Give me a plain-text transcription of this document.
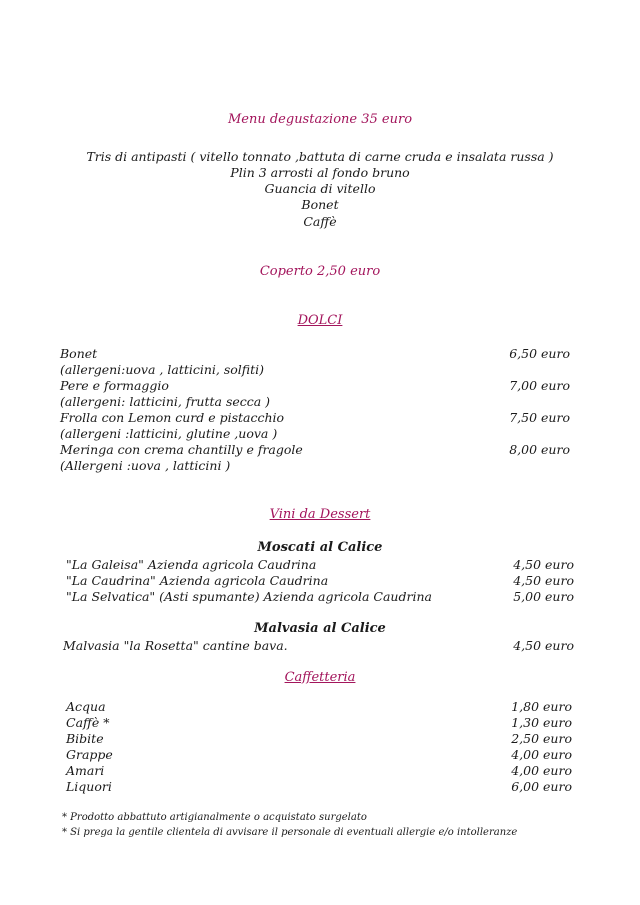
Menu degustazione 35 euro
Tris di antipasti ( vitello tonnato ,battuta di carne cruda e insalata russa )
Plin 3 arrosti al fondo bruno
Guancia di vitello
Bonet
Caffè
Coperto 2,50 euro
DOLCI
Bonet	6,50 euro
(allergeni:uova , latticini, solfiti)
Pere e formaggio	7,00 euro
(allergeni: latticini, frutta secca )
Frolla con Lemon curd e pistacchio	7,50 euro
(allergeni :latticini, glutine ,uova )
Meringa con crema chantilly e fragole	8,00 euro
(Allergeni :uova , latticini )
Vini da Dessert
Moscati al Calice
"La Galeisa" Azienda agricola Caudrina	4,50 euro
"La Caudrina" Azienda agricola Caudrina	4,50 euro
"La Selvatica" (Asti spumante) Azienda agricola Caudrina	5,00 euro
Malvasia al Calice
Malvasia "la Rosetta" cantine bava.	4,50 euro
Caffetteria
Acqua	1,80 euro
Caffè *	1,30 euro
Bibite	2,50 euro
Grappe	4,00 euro
Amari	4,00 euro
Liquori	6,00 euro
* Prodotto abbattuto artigianalmente o acquistato surgelato
* Si prega la gentile clientela di avvisare il personale di eventuali allergie e/o intolleranze
